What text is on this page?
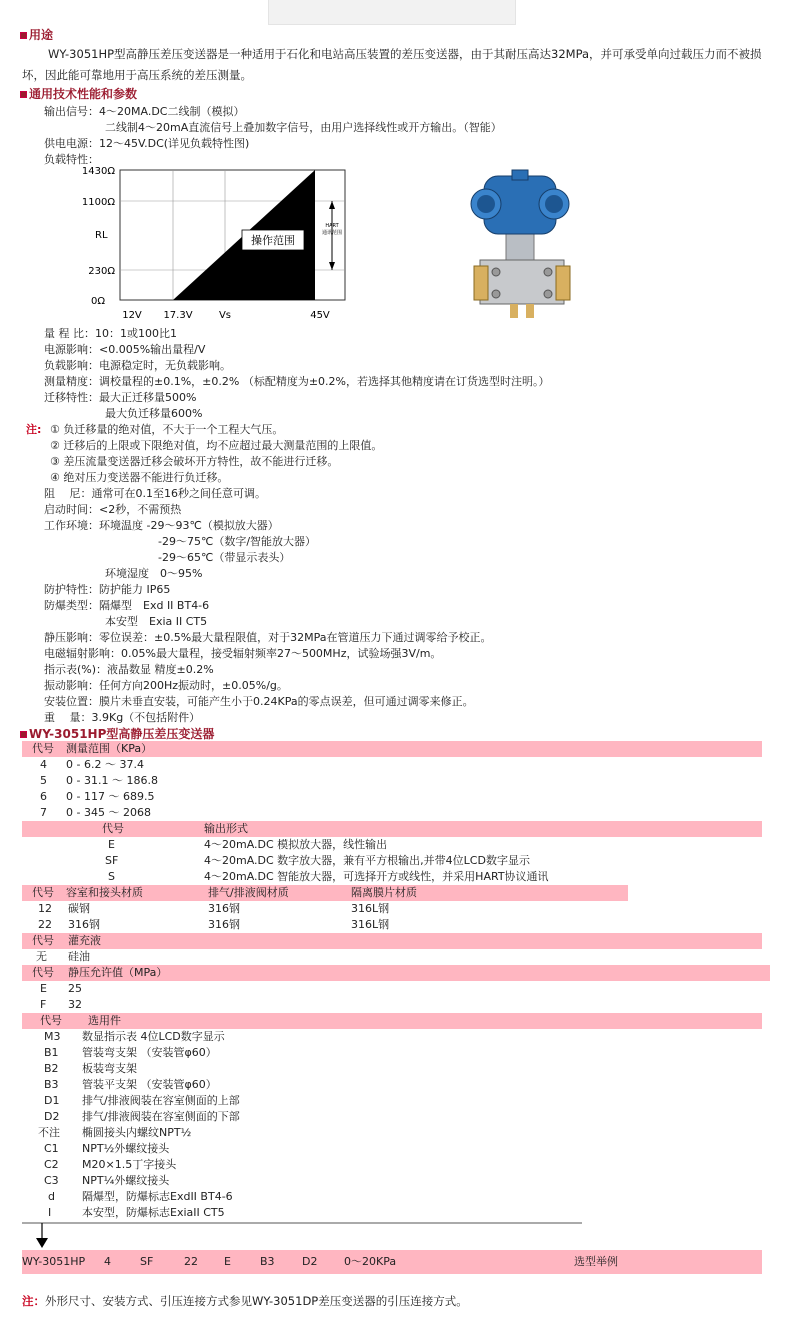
用途
WY-3051HP型高静压差压变送器是一种适用于石化和电站高压装置的差压变送器，由于其耐压高达32MPa，并可承受单向过载压力而不被损坏，因此能可靠地用于高压系统的差压测量。
通用技术性能和参数
输出信号：4～20MA.DC二线制（模拟）
二线制4～20mA直流信号上叠加数字信号，由用户选择线性或开方输出。（智能）
供电电源：12～45V.DC(详见负载特性图)
负载特性：
操作范围
HART
通讯范围
1430Ω
1100Ω
RL
230Ω
0Ω
12V 17.3V	Vs	45V
量 程 比：10：1或100比1
电源影响：<0.005%输出量程/V
负载影响：电源稳定时，无负载影响。
测量精度：调校量程的±0.1%，±0.2% （标配精度为±0.2%，若选择其他精度请在订货选型时注明。）
迁移特性：最大正迁移量500%
最大负迁移量600%
注: ① 负迁移量的绝对值，不大于一个工程大气压。
② 迁移后的上限或下限绝对值，均不应超过最大测量范围的上限值。
③ 差压流量变送器迁移会破坏开方特性，故不能进行迁移。
④ 绝对压力变送器不能进行负迁移。
阻　 尼：通常可在0.1至16秒之间任意可调。
启动时间：<2秒，不需预热
工作环境：环境温度 -29～93℃（模拟放大器）
-29～75℃（数字/智能放大器）
-29～65℃（带显示表头）
环境湿度　0～95%
防护特性：防护能力 IP65
防爆类型：隔爆型　Exd II BT4-6
本安型　Exia II CT5
静压影响：零位误差：±0.5%最大量程限值，对于32MPa在管道压力下通过调零给予校正。
电磁辐射影响：0.05%最大量程，接受辐射频率27～500MHz，试验场强3V/m。
指示表(%)：液晶数显 精度±0.2%
振动影响：任何方向200Hz振动时，±0.05%/g。
安装位置：膜片未垂直安装，可能产生小于0.24KPa的零点误差，但可通过调零来修正。
重　 量：3.9Kg（不包括附件）
WY-3051HP型高静压差压变送器
代号 测量范围（KPa）
4 0 - 6.2 ～ 37.4
5 0 - 31.1 ～ 186.8
6 0 - 117 ～ 689.5
7 0 - 345 ～ 2068
代号	输出形式
E	4～20mA.DC 模拟放大器，线性输出
SF	4～20mA.DC 数字放大器，兼有平方根输出,并带4位LCD数字显示
S	4～20mA.DC 智能放大器，可选择开方或线性，并采用HART协议通讯
代号 容室和接头材质	排气/排液阀材质	隔离膜片材质
12 碳钢	316钢	316L钢
22 316钢	316钢	316L钢
代号 灌充液
无 硅油
代号 静压允许值（MPa）
E 25
F 32
代号 选用件
M3 数显指示表 4位LCD数字显示
B1 管装弯支架 （安装管φ60）
B2 板装弯支架
B3 管装平支架 （安装管φ60）
D1 排气/排液阀装在容室侧面的上部
D2 排气/排液阀装在容室侧面的下部
不注 椭圆接头内螺纹NPT½
C1 NPT½外螺纹接头
C2 M20×1.5丁字接头
C3 NPT¼外螺纹接头
d 隔爆型，防爆标志ExdII BT4-6
I	本安型，防爆标志ExiaII CT5
WY-3051HP 4	SF	22 E	B3 D2 0～20KPa	选型举例
注：外形尺寸、安装方式、引压连接方式参见WY-3051DP差压变送器的引压连接方式。
